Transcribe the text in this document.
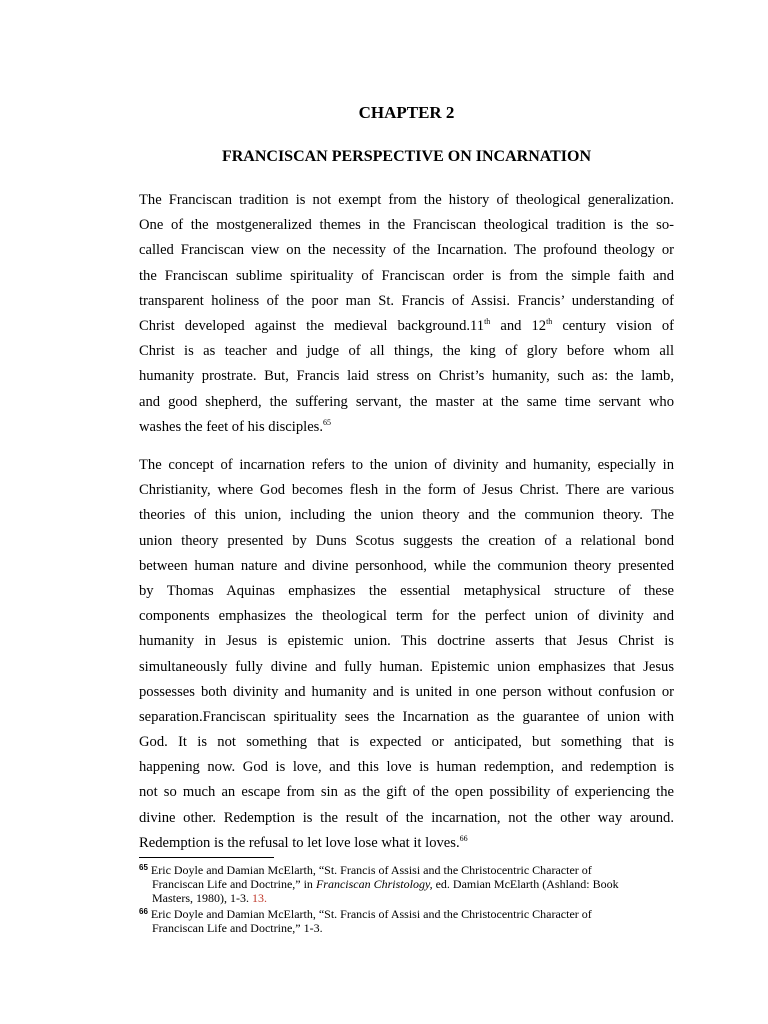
CHAPTER 2
FRANCISCAN PERSPECTIVE ON INCARNATION
The Franciscan tradition is not exempt from the history of theological generalization.
One of the mostgeneralized themes in the Franciscan theological tradition is the so-
called Franciscan view on the necessity of the Incarnation. The profound theology or
the Franciscan sublime spirituality of Franciscan order is from the simple faith and
transparent holiness of the poor man St. Francis of Assisi. Francis’ understanding of
Christ developed against the medieval background.11th and 12th century vision of
Christ is as teacher and judge of all things, the king of glory before whom all
humanity prostrate. But, Francis laid stress on Christ’s humanity, such as: the lamb,
and good shepherd, the suffering servant, the master at the same time servant who
washes the feet of his disciples.$^{65}$
The concept of incarnation refers to the union of divinity and humanity, especially in
Christianity, where God becomes flesh in the form of Jesus Christ. There are various
theories of this union, including the union theory and the communion theory. The
union theory presented by Duns Scotus suggests the creation of a relational bond
between human nature and divine personhood, while the communion theory presented
by Thomas Aquinas emphasizes the essential metaphysical structure of these
components emphasizes the theological term for the perfect union of divinity and
humanity in Jesus is epistemic union. This doctrine asserts that Jesus Christ is
simultaneously fully divine and fully human. Epistemic union emphasizes that Jesus
possesses both divinity and humanity and is united in one person without confusion or
separation.Franciscan spirituality sees the Incarnation as the guarantee of union with
God. It is not something that is expected or anticipated, but something that is
happening now. God is love, and this love is human redemption, and redemption is
not so much an escape from sin as the gift of the open possibility of experiencing the
divine other. Redemption is the result of the incarnation, not the other way around.
Redemption is the refusal to let love lose what it loves.$^{66}$
$^{65}$ Eric Doyle and Damian McElarth, “St. Francis of Assisi and the Christocentric Character of
Franciscan Life and Doctrine,” in Franciscan Christology, ed. Damian McElarth (Ashland: Book
Masters, 1980), 1-3. 13.
$^{66}$ Eric Doyle and Damian McElarth, “St. Francis of Assisi and the Christocentric Character of
Franciscan Life and Doctrine,” 1-3.
